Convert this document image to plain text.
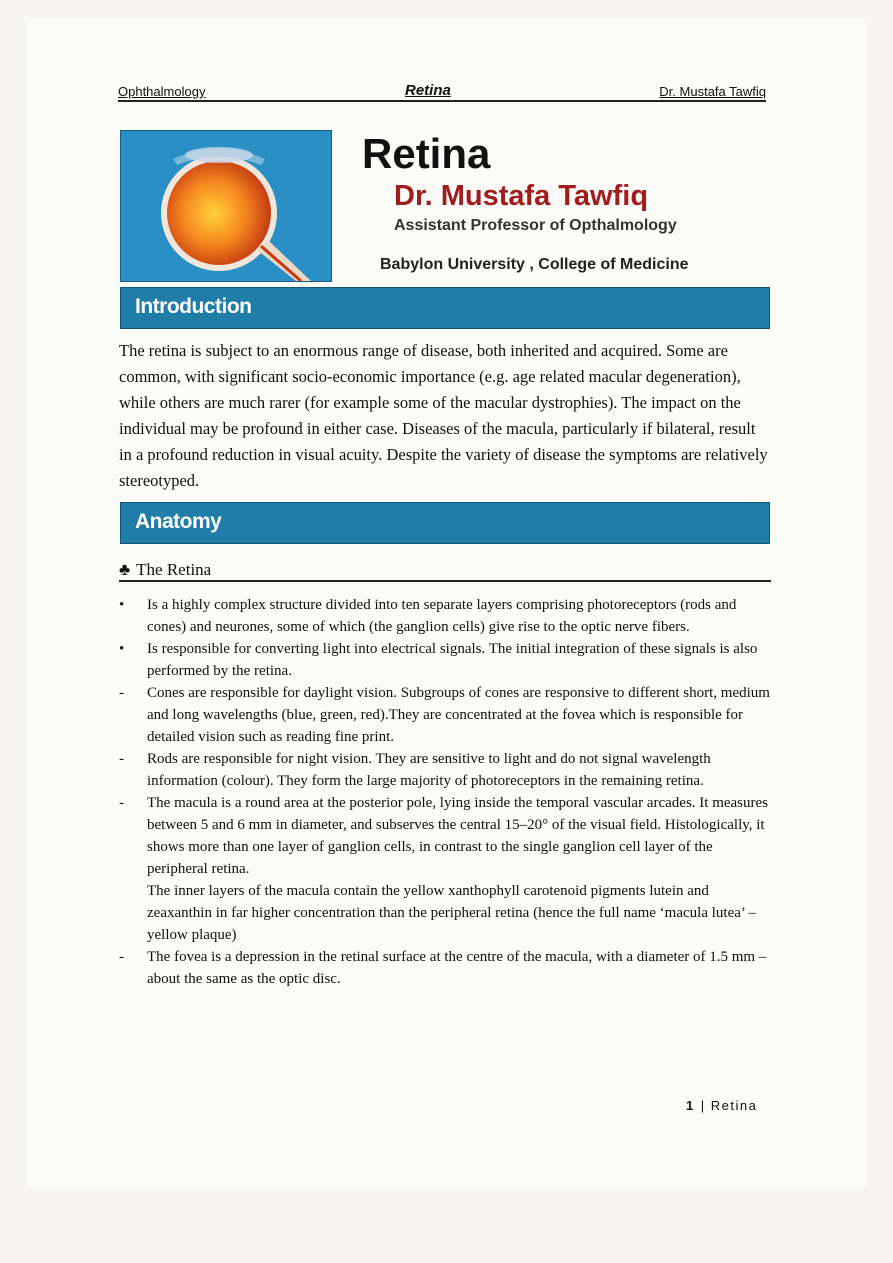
Ophthalmology	Retina	Dr. Mustafa Tawfiq
Retina
Dr. Mustafa Tawfiq
Assistant Professor of Opthalmology
Babylon University , College of Medicine
Introduction

The retina is subject to an enormous range of disease, both inherited and acquired. Some are common, with significant socio-economic importance (e.g. age related macular degeneration), while others are much rarer (for example some of the macular dystrophies). The impact on the individual may be profound in either case. Diseases of the macula, particularly if bilateral, result in a profound reduction in visual acuity. Despite the variety of disease the symptoms are relatively stereotyped.

Anatomy
♣ The Retina
•	Is a highly complex structure divided into ten separate layers comprising photoreceptors (rods and cones) and neurones, some of which (the ganglion cells) give rise to the optic nerve fibers.
•	Is responsible for converting light into electrical signals. The initial integration of these signals is also performed by the retina.
-	Cones are responsible for daylight vision. Subgroups of cones are responsive to different short, medium and long wavelengths (blue, green, red).They are concentrated at the fovea which is responsible for detailed vision such as reading fine print.
-	Rods are responsible for night vision. They are sensitive to light and do not signal wavelength information (colour). They form the large majority of photoreceptors in the remaining retina.
-	The macula is a round area at the posterior pole, lying inside the temporal vascular arcades. It measures between 5 and 6 mm in diameter, and subserves the central 15–20° of the visual field. Histologically, it shows more than one layer of ganglion cells, in contrast to the single ganglion cell layer of the peripheral retina.
The inner layers of the macula contain the yellow xanthophyll carotenoid pigments lutein and zeaxanthin in far higher concentration than the peripheral retina (hence the full name ‘macula lutea’ – yellow plaque)
-	The fovea is a depression in the retinal surface at the centre of the macula, with a diameter of 1.5 mm – about the same as the optic disc.
1 | Retina
